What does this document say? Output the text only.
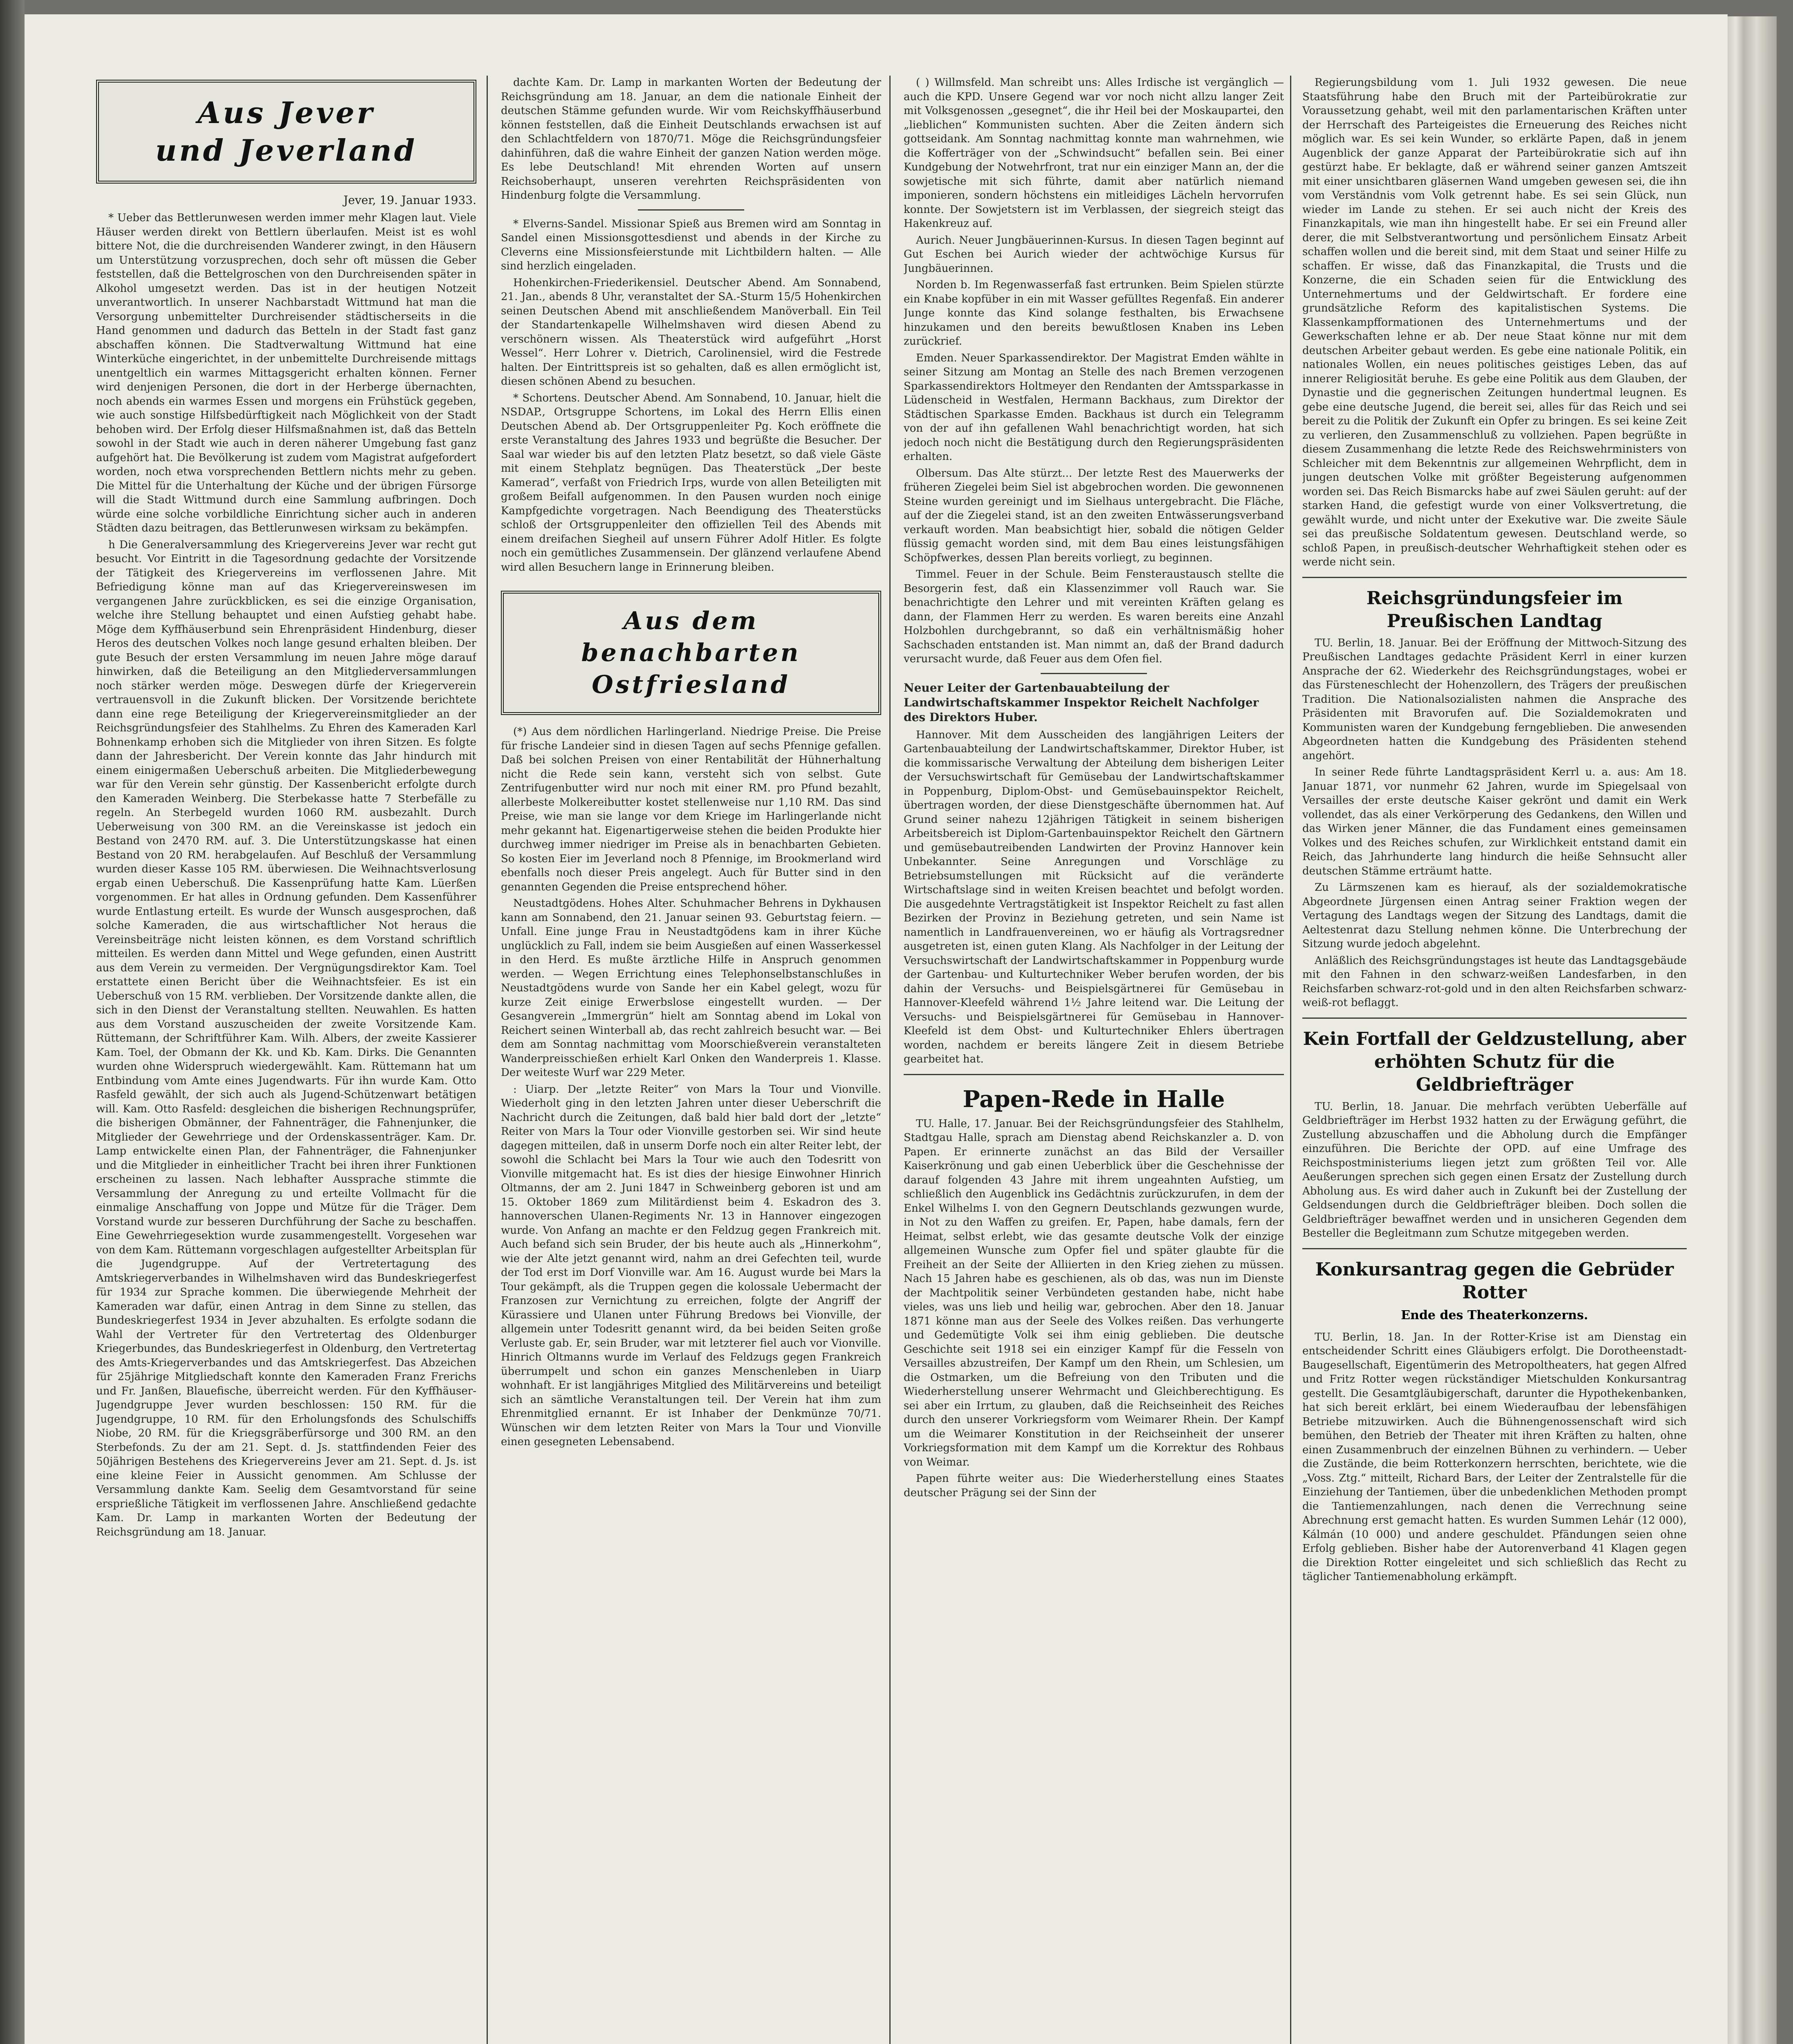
Aus Jever
und Jeverland
Jever, 19. Januar 1933.

* Ueber das Bettlerunwesen werden immer mehr Klagen laut. Viele Häuser werden direkt von Bettlern überlaufen. Meist ist es wohl bittere Not, die die durchreisenden Wanderer zwingt, in den Häusern um Unterstützung vorzusprechen, doch sehr oft müssen die Geber feststellen, daß die Bettelgroschen von den Durchreisenden später in Alkohol umgesetzt werden. Das ist in der heutigen Notzeit unverantwortlich. In unserer Nachbarstadt Wittmund hat man die Versorgung unbemittelter Durchreisender städtischerseits in die Hand genommen und dadurch das Betteln in der Stadt fast ganz abschaffen können. Die Stadtverwaltung Wittmund hat eine Winterküche eingerichtet, in der unbemittelte Durchreisende mittags unentgeltlich ein warmes Mittagsgericht erhalten können. Ferner wird denjenigen Personen, die dort in der Herberge übernachten, noch abends ein warmes Essen und morgens ein Frühstück gegeben, wie auch sonstige Hilfsbedürftigkeit nach Möglichkeit von der Stadt behoben wird. Der Erfolg dieser Hilfsmaßnahmen ist, daß das Betteln sowohl in der Stadt wie auch in deren näherer Umgebung fast ganz aufgehört hat. Die Bevölkerung ist zudem vom Magistrat aufgefordert worden, noch etwa vorsprechenden Bettlern nichts mehr zu geben. Die Mittel für die Unterhaltung der Küche und der übrigen Fürsorge will die Stadt Wittmund durch eine Sammlung aufbringen. Doch würde eine solche vorbildliche Einrichtung sicher auch in anderen Städten dazu beitragen, das Bettlerunwesen wirksam zu bekämpfen.

h Die Generalversammlung des Kriegervereins Jever war recht gut besucht. Vor Eintritt in die Tagesordnung gedachte der Vorsitzende der Tätigkeit des Kriegervereins im verflossenen Jahre. Mit Befriedigung könne man auf das Kriegervereinswesen im vergangenen Jahre zurückblicken, es sei die einzige Organisation, welche ihre Stellung behauptet und einen Aufstieg gehabt habe. Möge dem Kyffhäuserbund sein Ehrenpräsident Hindenburg, dieser Heros des deutschen Volkes noch lange gesund erhalten bleiben. Der gute Besuch der ersten Versammlung im neuen Jahre möge darauf hinwirken, daß die Beteiligung an den Mitgliederversammlungen noch stärker werden möge. Deswegen dürfe der Kriegerverein vertrauensvoll in die Zukunft blicken. Der Vorsitzende berichtete dann eine rege Beteiligung der Kriegervereinsmitglieder an der Reichsgründungsfeier des Stahlhelms. Zu Ehren des Kameraden Karl Bohnenkamp erhoben sich die Mitglieder von ihren Sitzen. Es folgte dann der Jahresbericht. Der Verein konnte das Jahr hindurch mit einem einigermaßen Ueberschuß arbeiten. Die Mitgliederbewegung war für den Verein sehr günstig. Der Kassenbericht erfolgte durch den Kameraden Weinberg. Die Sterbekasse hatte 7 Sterbefälle zu regeln. An Sterbegeld wurden 1060 RM. ausbezahlt. Durch Ueberweisung von 300 RM. an die Vereinskasse ist jedoch ein Bestand von 2470 RM. auf. 3. Die Unterstützungskasse hat einen Bestand von 20 RM. herabgelaufen. Auf Beschluß der Versammlung wurden dieser Kasse 105 RM. überwiesen. Die Weihnachtsverlosung ergab einen Ueberschuß. Die Kassenprüfung hatte Kam. Lüerßen vorgenommen. Er hat alles in Ordnung gefunden. Dem Kassenführer wurde Entlastung erteilt. Es wurde der Wunsch ausgesprochen, daß solche Kameraden, die aus wirtschaftlicher Not heraus die Vereinsbeiträge nicht leisten können, es dem Vorstand schriftlich mitteilen. Es werden dann Mittel und Wege gefunden, einen Austritt aus dem Verein zu vermeiden. Der Vergnügungsdirektor Kam. Toel erstattete einen Bericht über die Weihnachtsfeier. Es ist ein Ueberschuß von 15 RM. verblieben. Der Vorsitzende dankte allen, die sich in den Dienst der Veranstaltung stellten. Neuwahlen. Es hatten aus dem Vorstand auszuscheiden der zweite Vorsitzende Kam. Rüttemann, der Schriftführer Kam. Wilh. Albers, der zweite Kassierer Kam. Toel, der Obmann der Kk. und Kb. Kam. Dirks. Die Genannten wurden ohne Widerspruch wiedergewählt. Kam. Rüttemann hat um Entbindung vom Amte eines Jugendwarts. Für ihn wurde Kam. Otto Rasfeld gewählt, der sich auch als Jugend-Schützenwart betätigen will. Kam. Otto Rasfeld: desgleichen die bisherigen Rechnungsprüfer, die bisherigen Obmänner, der Fahnenträger, die Fahnenjunker, die Mitglieder der Gewehrriege und der Ordenskassenträger. Kam. Dr. Lamp entwickelte einen Plan, der Fahnenträger, die Fahnenjunker und die Mitglieder in einheitlicher Tracht bei ihren ihrer Funktionen erscheinen zu lassen. Nach lebhafter Aussprache stimmte die Versammlung der Anregung zu und erteilte Vollmacht für die einmalige Anschaffung von Joppe und Mütze für die Träger. Dem Vorstand wurde zur besseren Durchführung der Sache zu beschaffen. Eine Gewehrriegesektion wurde zusammengestellt. Vorgesehen war von dem Kam. Rüttemann vorgeschlagen aufgestellter Arbeitsplan für die Jugendgruppe. Auf der Vertretertagung des Amtskriegerverbandes in Wilhelmshaven wird das Bundeskriegerfest für 1934 zur Sprache kommen. Die überwiegende Mehrheit der Kameraden war dafür, einen Antrag in dem Sinne zu stellen, das Bundeskriegerfest 1934 in Jever abzuhalten. Es erfolgte sodann die Wahl der Vertreter für den Vertretertag des Oldenburger Kriegerbundes, das Bundeskriegerfest in Oldenburg, den Vertretertag des Amts-Kriegerverbandes und das Amtskriegerfest. Das Abzeichen für 25jährige Mitgliedschaft konnte den Kameraden Franz Frerichs und Fr. Janßen, Blauefische, überreicht werden. Für den Kyffhäuser-Jugendgruppe Jever wurden beschlossen: 150 RM. für die Jugendgruppe, 10 RM. für den Erholungsfonds des Schulschiffs Niobe, 20 RM. für die Kriegsgräberfürsorge und 300 RM. an den Sterbefonds. Zu der am 21. Sept. d. Js. stattfindenden Feier des 50jährigen Bestehens des Kriegervereins Jever am 21. Sept. d. Js. ist eine kleine Feier in Aussicht genommen. Am Schlusse der Versammlung dankte Kam. Seelig dem Gesamtvorstand für seine ersprießliche Tätigkeit im verflossenen Jahre. Anschließend gedachte Kam. Dr. Lamp in markanten Worten der Bedeutung der Reichsgründung am 18. Januar.

dachte Kam. Dr. Lamp in markanten Worten der Bedeutung der Reichsgründung am 18. Januar, an dem die nationale Einheit der deutschen Stämme gefunden wurde. Wir vom Reichskyffhäuserbund können feststellen, daß die Einheit Deutschlands erwachsen ist auf den Schlachtfeldern von 1870/71. Möge die Reichsgründungsfeier dahinführen, daß die wahre Einheit der ganzen Nation werden möge. Es lebe Deutschland! Mit ehrenden Worten auf unsern Reichsoberhaupt, unseren verehrten Reichspräsidenten von Hindenburg folgte die Versammlung.

* Elverns-Sandel. Missionar Spieß aus Bremen wird am Sonntag in Sandel einen Missionsgottesdienst und abends in der Kirche zu Cleverns eine Missionsfeierstunde mit Lichtbildern halten. — Alle sind herzlich eingeladen.

Hohenkirchen-Friederikensiel. Deutscher Abend. Am Sonnabend, 21. Jan., abends 8 Uhr, veranstaltet der SA.-Sturm 15/5 Hohenkirchen seinen Deutschen Abend mit anschließendem Manöverball. Ein Teil der Standartenkapelle Wilhelmshaven wird diesen Abend zu verschönern wissen. Als Theaterstück wird aufgeführt „Horst Wessel“. Herr Lohrer v. Dietrich, Carolinensiel, wird die Festrede halten. Der Eintrittspreis ist so gehalten, daß es allen ermöglicht ist, diesen schönen Abend zu besuchen.

* Schortens. Deutscher Abend. Am Sonnabend, 10. Januar, hielt die NSDAP., Ortsgruppe Schortens, im Lokal des Herrn Ellis einen Deutschen Abend ab. Der Ortsgruppenleiter Pg. Koch eröffnete die erste Veranstaltung des Jahres 1933 und begrüßte die Besucher. Der Saal war wieder bis auf den letzten Platz besetzt, so daß viele Gäste mit einem Stehplatz begnügen. Das Theaterstück „Der beste Kamerad“, verfaßt von Friedrich Irps, wurde von allen Beteiligten mit großem Beifall aufgenommen. In den Pausen wurden noch einige Kampfgedichte vorgetragen. Nach Beendigung des Theaterstücks schloß der Ortsgruppenleiter den offiziellen Teil des Abends mit einem dreifachen Siegheil auf unsern Führer Adolf Hitler. Es folgte noch ein gemütliches Zusammensein. Der glänzend verlaufene Abend wird allen Besuchern lange in Erinnerung bleiben.

Aus dem benachbarten
Ostfriesland

(*) Aus dem nördlichen Harlingerland. Niedrige Preise. Die Preise für frische Landeier sind in diesen Tagen auf sechs Pfennige gefallen. Daß bei solchen Preisen von einer Rentabilität der Hühnerhaltung nicht die Rede sein kann, versteht sich von selbst. Gute Zentrifugenbutter wird nur noch mit einer RM. pro Pfund bezahlt, allerbeste Molkereibutter kostet stellenweise nur 1,10 RM. Das sind Preise, wie man sie lange vor dem Kriege im Harlingerlande nicht mehr gekannt hat. Eigenartigerweise stehen die beiden Produkte hier durchweg immer niedriger im Preise als in benachbarten Gebieten. So kosten Eier im Jeverland noch 8 Pfennige, im Brookmerland wird ebenfalls noch dieser Preis angelegt. Auch für Butter sind in den genannten Gegenden die Preise entsprechend höher.

Neustadtgödens. Hohes Alter. Schuhmacher Behrens in Dykhausen kann am Sonnabend, den 21. Januar seinen 93. Geburtstag feiern. — Unfall. Eine junge Frau in Neustadtgödens kam in ihrer Küche unglücklich zu Fall, indem sie beim Ausgießen auf einen Wasserkessel in den Herd. Es mußte ärztliche Hilfe in Anspruch genommen werden. — Wegen Errichtung eines Telephonselbstanschlußes in Neustadtgödens wurde von Sande her ein Kabel gelegt, wozu für kurze Zeit einige Erwerbslose eingestellt wurden. — Der Gesangverein „Immergrün“ hielt am Sonntag abend im Lokal von Reichert seinen Winterball ab, das recht zahlreich besucht war. — Bei dem am Sonntag nachmittag vom Moorschießverein veranstalteten Wanderpreisschießen erhielt Karl Onken den Wanderpreis 1. Klasse. Der weiteste Wurf war 229 Meter.

: Uiarp. Der „letzte Reiter“ von Mars la Tour und Vionville. Wiederholt ging in den letzten Jahren unter dieser Ueberschrift die Nachricht durch die Zeitungen, daß bald hier bald dort der „letzte“ Reiter von Mars la Tour oder Vionville gestorben sei. Wir sind heute dagegen mitteilen, daß in unserm Dorfe noch ein alter Reiter lebt, der sowohl die Schlacht bei Mars la Tour wie auch den Todesritt von Vionville mitgemacht hat. Es ist dies der hiesige Einwohner Hinrich Oltmanns, der am 2. Juni 1847 in Schweinberg geboren ist und am 15. Oktober 1869 zum Militärdienst beim 4. Eskadron des 3. hannoverschen Ulanen-Regiments Nr. 13 in Hannover eingezogen wurde. Von Anfang an machte er den Feldzug gegen Frankreich mit. Auch befand sich sein Bruder, der bis heute auch als „Hinnerkohm“, wie der Alte jetzt genannt wird, nahm an drei Gefechten teil, wurde der Tod erst im Dorf Vionville war. Am 16. August wurde bei Mars la Tour gekämpft, als die Truppen gegen die kolossale Uebermacht der Franzosen zur Vernichtung zu erreichen, folgte der Angriff der Kürassiere und Ulanen unter Führung Bredows bei Vionville, der allgemein unter Todesritt genannt wird, da bei beiden Seiten große Verluste gab. Er, sein Bruder, war mit letzterer fiel auch vor Vionville. Hinrich Oltmanns wurde im Verlauf des Feldzugs gegen Frankreich überrumpelt und schon ein ganzes Menschenleben in Uiarp wohnhaft. Er ist langjähriges Mitglied des Militärvereins und beteiligt sich an sämtliche Veranstaltungen teil. Der Verein hat ihm zum Ehrenmitglied ernannt. Er ist Inhaber der Denkmünze 70/71. Wünschen wir dem letzten Reiter von Mars la Tour und Vionville einen gesegneten Lebensabend.

( ) Willmsfeld. Man schreibt uns: Alles Irdische ist vergänglich — auch die KPD. Unsere Gegend war vor noch nicht allzu langer Zeit mit Volksgenossen „gesegnet“, die ihr Heil bei der Moskaupartei, den „lieblichen“ Kommunisten suchten. Aber die Zeiten ändern sich gottseidank. Am Sonntag nachmittag konnte man wahrnehmen, wie die Kofferträger von der „Schwindsucht“ befallen sein. Bei einer Kundgebung der Notwehrfront, trat nur ein einziger Mann an, der die sowjetische mit sich führte, damit aber natürlich niemand imponieren, sondern höchstens ein mitleidiges Lächeln hervorrufen konnte. Der Sowjetstern ist im Verblassen, der siegreich steigt das Hakenkreuz auf.

Aurich. Neuer Jungbäuerinnen-Kursus. In diesen Tagen beginnt auf Gut Eschen bei Aurich wieder der achtwöchige Kursus für Jungbäuerinnen.

Norden b. Im Regenwasserfaß fast ertrunken. Beim Spielen stürzte ein Knabe kopfüber in ein mit Wasser gefülltes Regenfaß. Ein anderer Junge konnte das Kind solange festhalten, bis Erwachsene hinzukamen und den bereits bewußtlosen Knaben ins Leben zurückrief.

Emden. Neuer Sparkassendirektor. Der Magistrat Emden wählte in seiner Sitzung am Montag an Stelle des nach Bremen verzogenen Sparkassendirektors Holtmeyer den Rendanten der Amtssparkasse in Lüdenscheid in Westfalen, Hermann Backhaus, zum Direktor der Städtischen Sparkasse Emden. Backhaus ist durch ein Telegramm von der auf ihn gefallenen Wahl benachrichtigt worden, hat sich jedoch noch nicht die Bestätigung durch den Regierungspräsidenten erhalten.

Olbersum. Das Alte stürzt... Der letzte Rest des Mauerwerks der früheren Ziegelei beim Siel ist abgebrochen worden. Die gewonnenen Steine wurden gereinigt und im Sielhaus untergebracht. Die Fläche, auf der die Ziegelei stand, ist an den zweiten Entwässerungsverband verkauft worden. Man beabsichtigt hier, sobald die nötigen Gelder flüssig gemacht worden sind, mit dem Bau eines leistungsfähigen Schöpfwerkes, dessen Plan bereits vorliegt, zu beginnen.

Timmel. Feuer in der Schule. Beim Fensteraustausch stellte die Besorgerin fest, daß ein Klassenzimmer voll Rauch war. Sie benachrichtigte den Lehrer und mit vereinten Kräften gelang es dann, der Flammen Herr zu werden. Es waren bereits eine Anzahl Holzbohlen durchgebrannt, so daß ein verhältnismäßig hoher Sachschaden entstanden ist. Man nimmt an, daß der Brand dadurch verursacht wurde, daß Feuer aus dem Ofen fiel.

Neuer Leiter der Gartenbauabteilung der Landwirtschaftskammer Inspektor Reichelt Nachfolger des Direktors Huber.

Hannover. Mit dem Ausscheiden des langjährigen Leiters der Gartenbauabteilung der Landwirtschaftskammer, Direktor Huber, ist die kommissarische Verwaltung der Abteilung dem bisherigen Leiter der Versuchswirtschaft für Gemüsebau der Landwirtschaftskammer in Poppenburg, Diplom-Obst- und Gemüsebauinspektor Reichelt, übertragen worden, der diese Dienstgeschäfte übernommen hat. Auf Grund seiner nahezu 12jährigen Tätigkeit in seinem bisherigen Arbeitsbereich ist Diplom-Gartenbauinspektor Reichelt den Gärtnern und gemüsebautreibenden Landwirten der Provinz Hannover kein Unbekannter. Seine Anregungen und Vorschläge zu Betriebsumstellungen mit Rücksicht auf die veränderte Wirtschaftslage sind in weiten Kreisen beachtet und befolgt worden. Die ausgedehnte Vertragstätigkeit ist Inspektor Reichelt zu fast allen Bezirken der Provinz in Beziehung getreten, und sein Name ist namentlich in Landfrauenvereinen, wo er häufig als Vortragsredner ausgetreten ist, einen guten Klang. Als Nachfolger in der Leitung der Versuchswirtschaft der Landwirtschaftskammer in Poppenburg wurde der Gartenbau- und Kulturtechniker Weber berufen worden, der bis dahin der Versuchs- und Beispielsgärtnerei für Gemüsebau in Hannover-Kleefeld während 1½ Jahre leitend war. Die Leitung der Versuchs- und Beispielsgärtnerei für Gemüsebau in Hannover-Kleefeld ist dem Obst- und Kulturtechniker Ehlers übertragen worden, nachdem er bereits längere Zeit in diesem Betriebe gearbeitet hat.

Papen-Rede in Halle

TU. Halle, 17. Januar. Bei der Reichsgründungsfeier des Stahlhelm, Stadtgau Halle, sprach am Dienstag abend Reichskanzler a. D. von Papen. Er erinnerte zunächst an das Bild der Versailler Kaiserkrönung und gab einen Ueberblick über die Geschehnisse der darauf folgenden 43 Jahre mit ihrem ungeahnten Aufstieg, um schließlich den Augenblick ins Gedächtnis zurückzurufen, in dem der Enkel Wilhelms I. von den Gegnern Deutschlands gezwungen wurde, in Not zu den Waffen zu greifen. Er, Papen, habe damals, fern der Heimat, selbst erlebt, wie das gesamte deutsche Volk der einzige allgemeinen Wunsche zum Opfer fiel und später glaubte für die Freiheit an der Seite der Alliierten in den Krieg ziehen zu müssen. Nach 15 Jahren habe es geschienen, als ob das, was nun im Dienste der Machtpolitik seiner Verbündeten gestanden habe, nicht habe vieles, was uns lieb und heilig war, gebrochen. Aber den 18. Januar 1871 könne man aus der Seele des Volkes reißen. Das verhungerte und Gedemütigte Volk sei ihm einig geblieben. Die deutsche Geschichte seit 1918 sei ein einziger Kampf für die Fesseln von Versailles abzustreifen, Der Kampf um den Rhein, um Schlesien, um die Ostmarken, um die Befreiung von den Tributen und die Wiederherstellung unserer Wehrmacht und Gleichberechtigung. Es sei aber ein Irrtum, zu glauben, daß die Reichseinheit des Reiches durch den unserer Vorkriegsform vom Weimarer Rhein. Der Kampf um die Weimarer Konstitution in der Reichseinheit der unserer Vorkriegsformation mit dem Kampf um die Korrektur des Rohbaus von Weimar.

Papen führte weiter aus: Die Wiederherstellung eines Staates deutscher Prägung sei der Sinn der

Regierungsbildung vom 1. Juli 1932 gewesen. Die neue Staatsführung habe den Bruch mit der Parteibürokratie zur Voraussetzung gehabt, weil mit den parlamentarischen Kräften unter der Herrschaft des Parteigeistes die Erneuerung des Reiches nicht möglich war. Es sei kein Wunder, so erklärte Papen, daß in jenem Augenblick der ganze Apparat der Parteibürokratie sich auf ihn gestürzt habe. Er beklagte, daß er während seiner ganzen Amtszeit mit einer unsichtbaren gläsernen Wand umgeben gewesen sei, die ihn vom Verständnis vom Volk getrennt habe. Es sei sein Glück, nun wieder im Lande zu stehen. Er sei auch nicht der Kreis des Finanzkapitals, wie man ihn hingestellt habe. Er sei ein Freund aller derer, die mit Selbstverantwortung und persönlichem Einsatz Arbeit schaffen wollen und die bereit sind, mit dem Staat und seiner Hilfe zu schaffen. Er wisse, daß das Finanzkapital, die Trusts und die Konzerne, die ein Schaden seien für die Entwicklung des Unternehmertums und der Geldwirtschaft. Er fordere eine grundsätzliche Reform des kapitalistischen Systems. Die Klassenkampfformationen des Unternehmertums und der Gewerkschaften lehne er ab. Der neue Staat könne nur mit dem deutschen Arbeiter gebaut werden. Es gebe eine nationale Politik, ein nationales Wollen, ein neues politisches geistiges Leben, das auf innerer Religiosität beruhe. Es gebe eine Politik aus dem Glauben, der Dynastie und die gegnerischen Zeitungen hundertmal leugnen. Es gebe eine deutsche Jugend, die bereit sei, alles für das Reich und sei bereit zu die Politik der Zukunft ein Opfer zu bringen. Es sei keine Zeit zu verlieren, den Zusammenschluß zu vollziehen. Papen begrüßte in diesem Zusammenhang die letzte Rede des Reichswehrministers von Schleicher mit dem Bekenntnis zur allgemeinen Wehrpflicht, dem in jungen deutschen Volke mit größter Begeisterung aufgenommen worden sei. Das Reich Bismarcks habe auf zwei Säulen geruht: auf der starken Hand, die gefestigt wurde von einer Volksvertretung, die gewählt wurde, und nicht unter der Exekutive war. Die zweite Säule sei das preußische Soldatentum gewesen. Deutschland werde, so schloß Papen, in preußisch-deutscher Wehrhaftigkeit stehen oder es werde nicht sein.

Reichsgründungsfeier im Preußischen Landtag

TU. Berlin, 18. Januar. Bei der Eröffnung der Mittwoch-Sitzung des Preußischen Landtages gedachte Präsident Kerrl in einer kurzen Ansprache der 62. Wiederkehr des Reichsgründungstages, wobei er das Fürsteneschlecht der Hohenzollern, des Trägers der preußischen Tradition. Die Nationalsozialisten nahmen die Ansprache des Präsidenten mit Bravorufen auf. Die Sozialdemokraten und Kommunisten waren der Kundgebung ferngeblieben. Die anwesenden Abgeordneten hatten die Kundgebung des Präsidenten stehend angehört.

In seiner Rede führte Landtagspräsident Kerrl u. a. aus: Am 18. Januar 1871, vor nunmehr 62 Jahren, wurde im Spiegelsaal von Versailles der erste deutsche Kaiser gekrönt und damit ein Werk vollendet, das als einer Verkörperung des Gedankens, den Willen und das Wirken jener Männer, die das Fundament eines gemeinsamen Volkes und des Reiches schufen, zur Wirklichkeit entstand damit ein Reich, das Jahrhunderte lang hindurch die heiße Sehnsucht aller deutschen Stämme erträumt hatte.

Zu Lärmszenen kam es hierauf, als der sozialdemokratische Abgeordnete Jürgensen einen Antrag seiner Fraktion wegen der Vertagung des Landtags wegen der Sitzung des Landtags, damit die Aeltestenrat dazu Stellung nehmen könne. Die Unterbrechung der Sitzung wurde jedoch abgelehnt.

Anläßlich des Reichsgründungstages ist heute das Landtagsgebäude mit den Fahnen in den schwarz-weißen Landesfarben, in den Reichsfarben schwarz-rot-gold und in den alten Reichsfarben schwarz-weiß-rot beflaggt.

Kein Fortfall der Geldzustellung, aber erhöhten Schutz für die Geldbriefträger

TU. Berlin, 18. Januar. Die mehrfach verübten Ueberfälle auf Geldbriefträger im Herbst 1932 hatten zu der Erwägung geführt, die Zustellung abzuschaffen und die Abholung durch die Empfänger einzuführen. Die Berichte der OPD. auf eine Umfrage des Reichspostministeriums liegen jetzt zum größten Teil vor. Alle Aeußerungen sprechen sich gegen einen Ersatz der Zustellung durch Abholung aus. Es wird daher auch in Zukunft bei der Zustellung der Geldsendungen durch die Geldbriefträger bleiben. Doch sollen die Geldbriefträger bewaffnet werden und in unsicheren Gegenden dem Besteller die Begleitmann zum Schutze mitgegeben werden.

Konkursantrag gegen die Gebrüder Rotter
Ende des Theaterkonzerns.

TU. Berlin, 18. Jan. In der Rotter-Krise ist am Dienstag ein entscheidender Schritt eines Gläubigers erfolgt. Die Dorotheenstadt-Baugesellschaft, Eigentümerin des Metropoltheaters, hat gegen Alfred und Fritz Rotter wegen rückständiger Mietschulden Konkursantrag gestellt. Die Gesamtgläubigerschaft, darunter die Hypothekenbanken, hat sich bereit erklärt, bei einem Wiederaufbau der lebensfähigen Betriebe mitzuwirken. Auch die Bühnengenossenschaft wird sich bemühen, den Betrieb der Theater mit ihren Kräften zu halten, ohne einen Zusammenbruch der einzelnen Bühnen zu verhindern. — Ueber die Zustände, die beim Rotterkonzern herrschten, berichtete, wie die „Voss. Ztg.“ mitteilt, Richard Bars, der Leiter der Zentralstelle für die Einziehung der Tantiemen, über die unbedenklichen Methoden prompt die Tantiemenzahlungen, nach denen die Verrechnung seine Abrechnung erst gemacht hatten. Es wurden Summen Lehár (12 000), Kálmán (10 000) und andere geschuldet. Pfändungen seien ohne Erfolg geblieben. Bisher habe der Autorenverband 41 Klagen gegen die Direktion Rotter eingeleitet und sich schließlich das Recht zu täglicher Tantiemenabholung erkämpft.
